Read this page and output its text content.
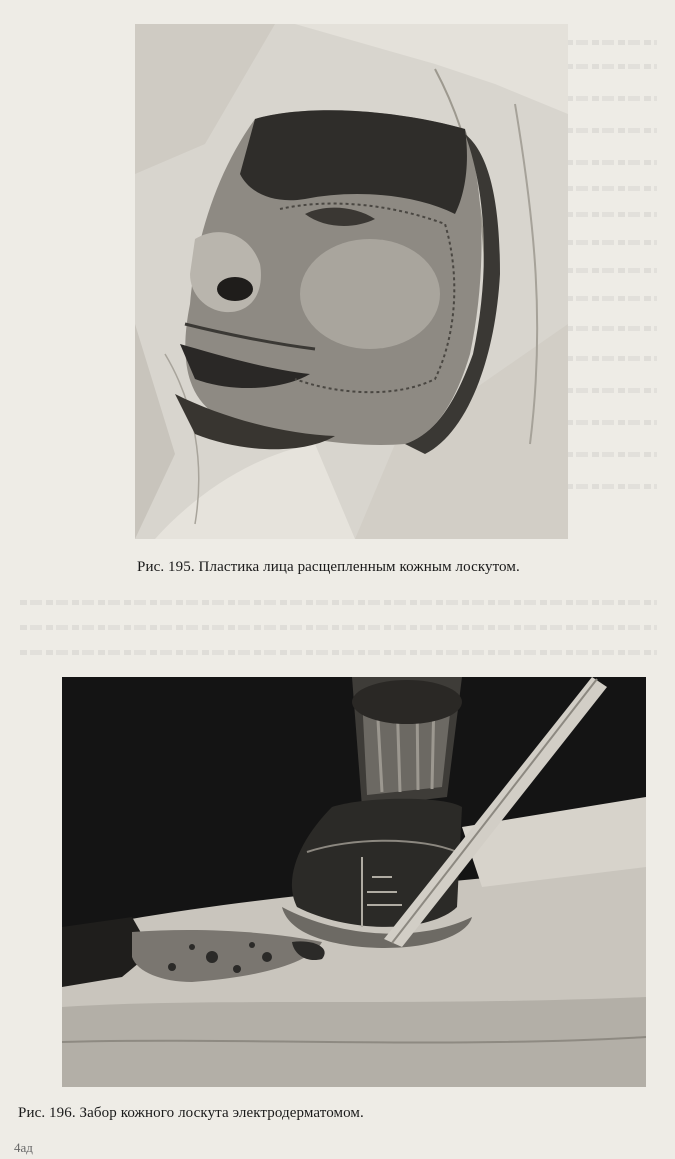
Рис. 195. Пластика лица расщепленным кожным лоскутом.
Рис. 196. Забор кожного лоскута электродерматомом.
4ад
